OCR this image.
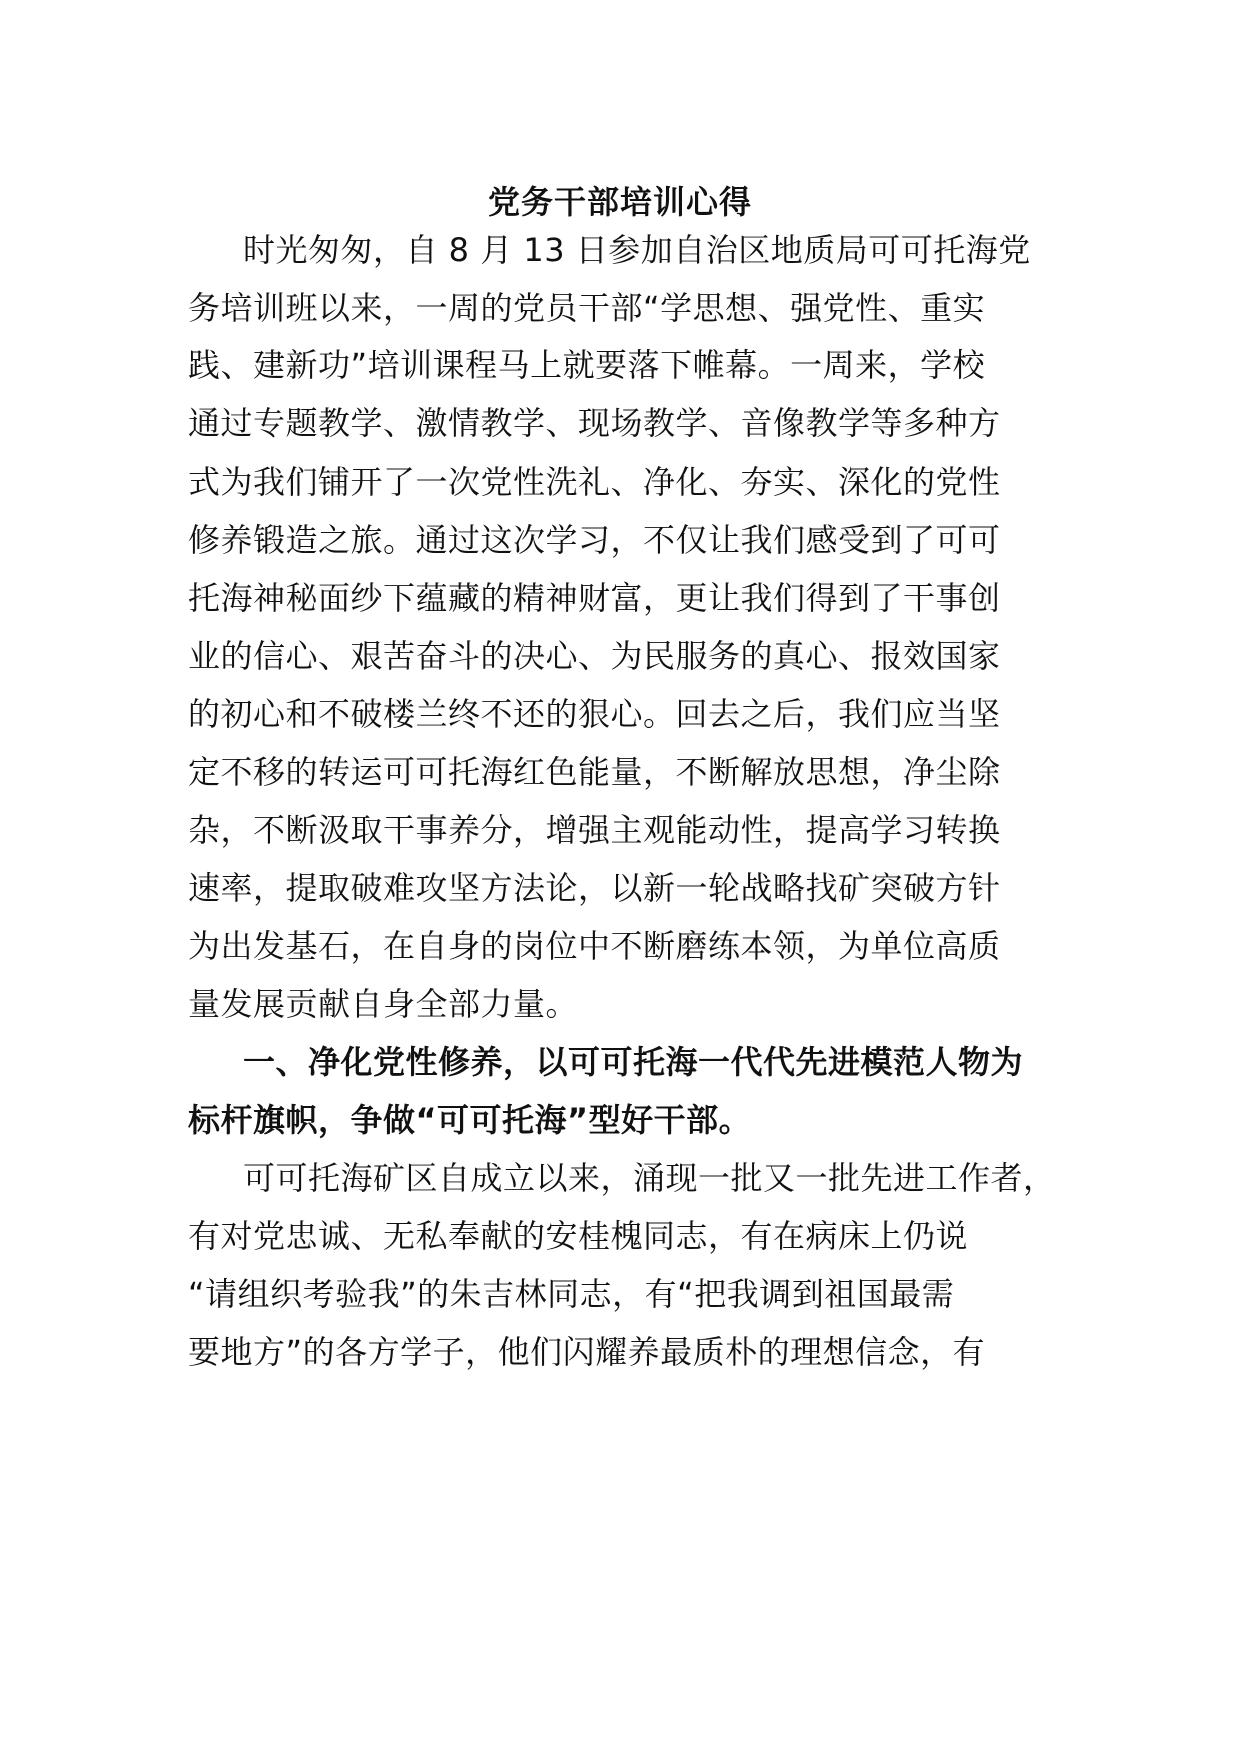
党务干部培训心得
时光匆匆，自 8 月 13 日参加自治区地质局可可托海党
务培训班以来，一周的党员干部“学思想、强党性、重实
践、建新功”培训课程马上就要落下帷幕。一周来，学校
通过专题教学、激情教学、现场教学、音像教学等多种方
式为我们铺开了一次党性洗礼、净化、夯实、深化的党性
修养锻造之旅。通过这次学习，不仅让我们感受到了可可
托海神秘面纱下蕴藏的精神财富，更让我们得到了干事创
业的信心、艰苦奋斗的决心、为民服务的真心、报效国家
的初心和不破楼兰终不还的狠心。回去之后，我们应当坚
定不移的转运可可托海红色能量，不断解放思想，净尘除
杂，不断汲取干事养分，增强主观能动性，提高学习转换
速率，提取破难攻坚方法论，以新一轮战略找矿突破方针
为出发基石，在自身的岗位中不断磨练本领，为单位高质
量发展贡献自身全部力量。
一、净化党性修养，以可可托海一代代先进模范人物为
标杆旗帜，争做“可可托海”型好干部。
可可托海矿区自成立以来，涌现一批又一批先进工作者，
有对党忠诚、无私奉献的安桂槐同志，有在病床上仍说
“请组织考验我”的朱吉林同志，有“把我调到祖国最需
要地方”的各方学子，他们闪耀养最质朴的理想信念，有
